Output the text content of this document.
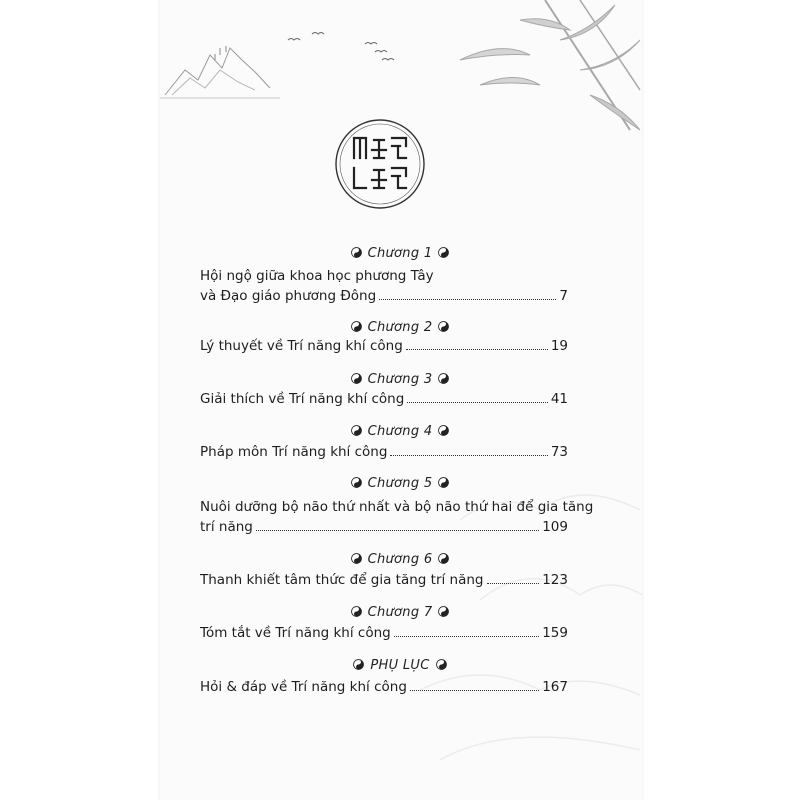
Chương 1
Hội ngộ giữa khoa học phương Tây
và Đạo giáo phương Đông	7
Chương 2
Lý thuyết về Trí năng khí công	19
Chương 3
Giải thích về Trí năng khí công	41
Chương 4
Pháp môn Trí năng khí công	73
Chương 5
Nuôi dưỡng bộ não thứ nhất và bộ não thứ hai để gia tăng
trí năng	109
Chương 6
Thanh khiết tâm thức để gia tăng trí năng	123
Chương 7
Tóm tắt về Trí năng khí công	159
PHỤ LỤC
Hỏi & đáp về Trí năng khí công	167
